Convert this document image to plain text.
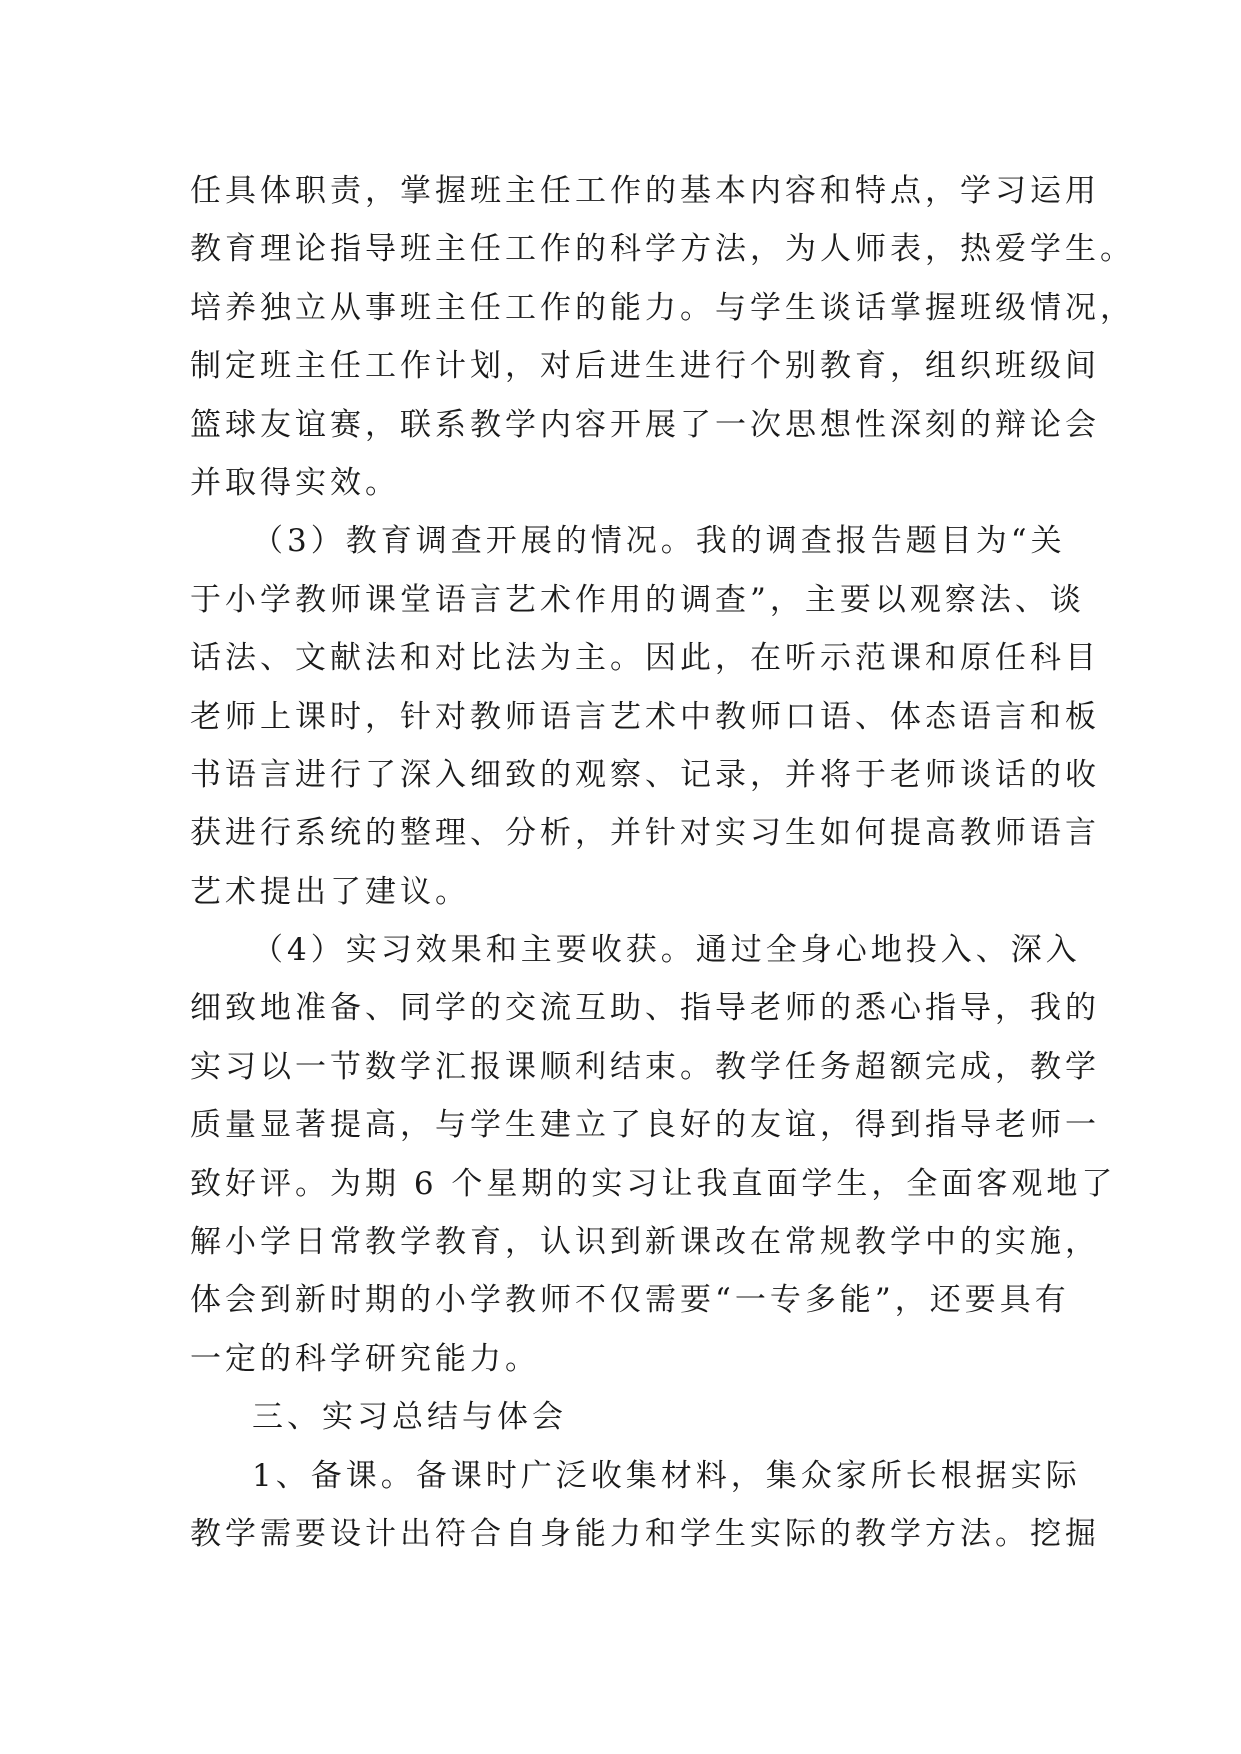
任具体职责，掌握班主任工作的基本内容和特点，学习运用
教育理论指导班主任工作的科学方法，为人师表，热爱学生。
培养独立从事班主任工作的能力。与学生谈话掌握班级情况，
制定班主任工作计划，对后进生进行个别教育，组织班级间
篮球友谊赛，联系教学内容开展了一次思想性深刻的辩论会
并取得实效。
（3）教育调查开展的情况。我的调查报告题目为“关
于小学教师课堂语言艺术作用的调查”，主要以观察法、谈
话法、文献法和对比法为主。因此，在听示范课和原任科目
老师上课时，针对教师语言艺术中教师口语、体态语言和板
书语言进行了深入细致的观察、记录，并将于老师谈话的收
获进行系统的整理、分析，并针对实习生如何提高教师语言
艺术提出了建议。
（4）实习效果和主要收获。通过全身心地投入、深入
细致地准备、同学的交流互助、指导老师的悉心指导，我的
实习以一节数学汇报课顺利结束。教学任务超额完成，教学
质量显著提高，与学生建立了良好的友谊，得到指导老师一
致好评。为期 6 个星期的实习让我直面学生，全面客观地了
解小学日常教学教育，认识到新课改在常规教学中的实施，
体会到新时期的小学教师不仅需要“一专多能”，还要具有
一定的科学研究能力。
三、实习总结与体会
1、备课。备课时广泛收集材料，集众家所长根据实际
教学需要设计出符合自身能力和学生实际的教学方法。挖掘
